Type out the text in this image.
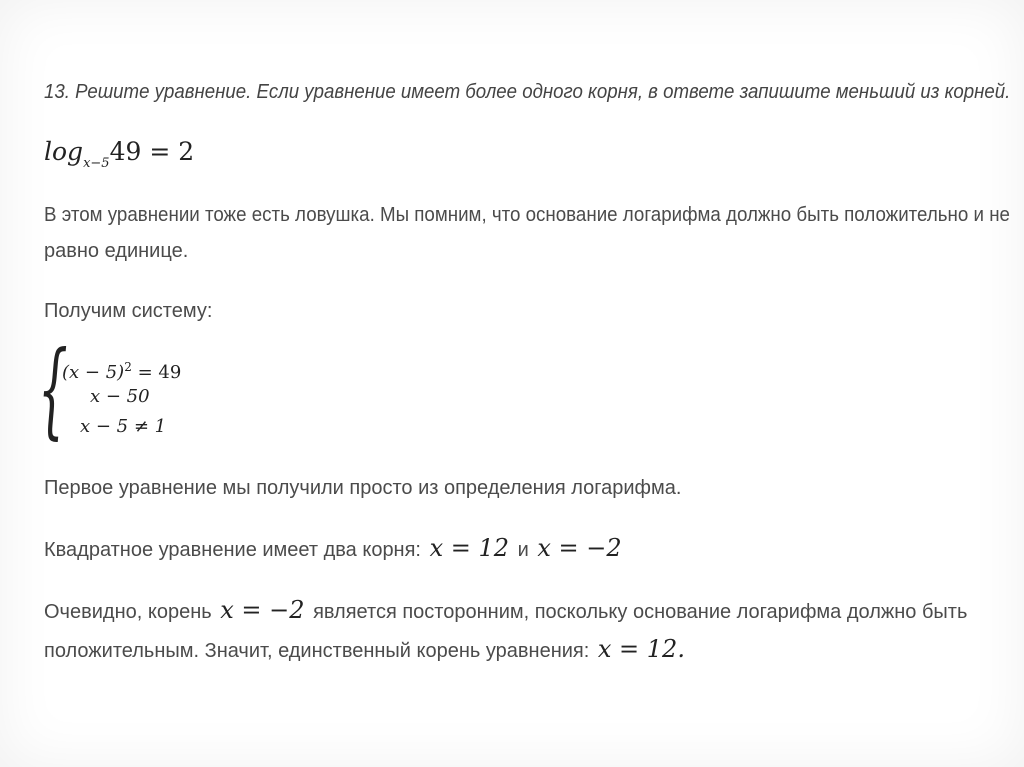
13. Решите уравнение. Если уравнение имеет более одного корня, в ответе запишите меньший из корней.
$\log_{x-5}49 = 2$
В этом уравнении тоже есть ловушка. Мы помним, что основание логарифма должно быть положительно и не
равно единице.
Получим систему:
{
$(x - 5)^2 = 49$
x − 50
x − 5 ≠ 1
Первое уравнение мы получили просто из определения логарифма.
Квадратное уравнение имеет два корня: x = 12 и x = −2
Очевидно, корень x = −2 является посторонним, поскольку основание логарифма должно быть
положительным. Значит, единственный корень уравнения: x = 12.
